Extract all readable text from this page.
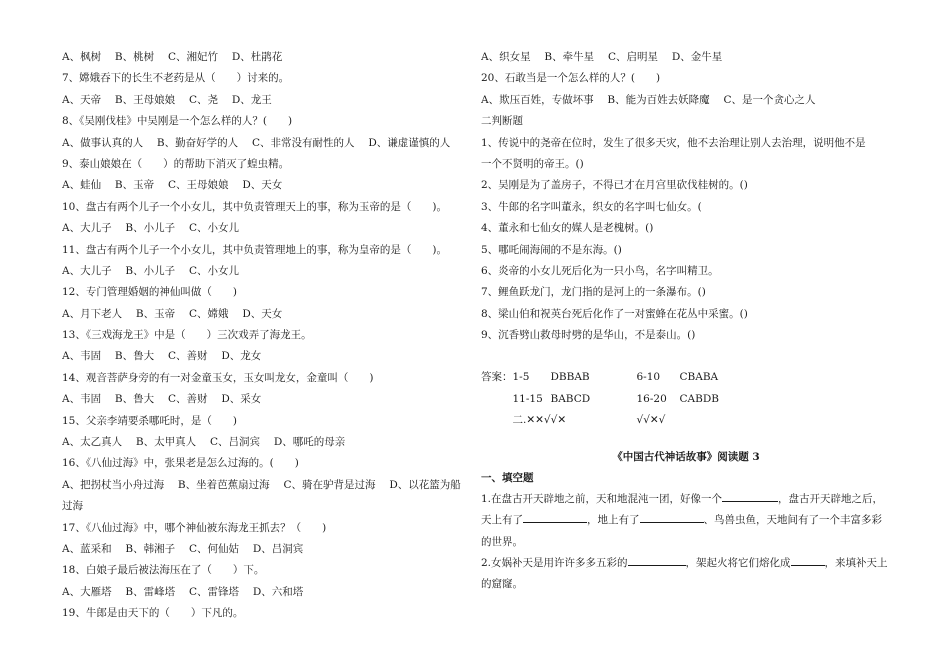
A、枫树　 B、桃树　 C、湘妃竹　 D、杜鹃花
7、嫦娥吞下的长生不老药是从（　　）讨来的。
A、天帝　 B、王母娘娘　 C、尧　 D、龙王
8、《吴刚伐桂》中吴刚是一个怎么样的人？(　　)
A、做事认真的人　 B、勤奋好学的人　 C、非常没有耐性的人　 D、谦虚谨慎的人
9、泰山娘娘在（　　）的帮助下消灭了蝗虫精。
A、蛙仙　 B、玉帝　 C、王母娘娘　 D、天女
10、盘古有两个儿子一个小女儿，其中负责管理天上的事，称为玉帝的是（　　)。
A、大儿子　 B、小儿子　 C、小女儿
11、盘古有两个儿子一个小女儿，其中负责管理地上的事，称为皇帝的是（　　)。
A、大儿子　 B、小儿子　 C、小女儿
12、专门管理婚姻的神仙叫做（　　)
A、月下老人　 B、玉帝　 C、嫦娥　 D、天女
13、《三戏海龙王》中是（　　）三次戏弄了海龙王。
A、韦固　 B、鲁大　 C、善财　 D、龙女
14、观音菩萨身旁的有一对金童玉女，玉女叫龙女，金童叫（　　)
A、韦固　 B、鲁大　 C、善财　 D、采女
15、父亲李靖要杀哪吒时，是（　　)
A、太乙真人　 B、太甲真人　 C、吕洞宾　 D、哪吒的母亲
16、《八仙过海》中，张果老是怎么过海的。(　　)
A、把拐杖当小舟过海　 B、坐着芭蕉扇过海　 C、骑在驴背是过海　 D、以花篮为船
过海
17、《八仙过海》中，哪个神仙被东海龙王抓去？（　　)
A、蓝采和　 B、韩湘子　 C、何仙姑　 D、吕洞宾
18、白娘子最后被法海压在了（　　）下。
A、大雁塔　 B、雷峰塔　 C、雷锋塔　 D、六和塔
19、牛郎是由天下的（　　）下凡的。
A、织女星　 B、牵牛星　 C、启明星　 D、金牛星
20、石敢当是一个怎么样的人？(　　)
A、欺压百姓，专做坏事　 B、能为百姓去妖降魔　 C、是一个贪心之人
二判断题
1、传说中的尧帝在位时，发生了很多天灾，他不去治理让别人去治理，说明他不是
一个不贤明的帝王。()
2、吴刚是为了盖房子，不得已才在月宫里砍伐桂树的。()
3、牛郎的名字叫董永，织女的名字叫七仙女。(
4、董永和七仙女的媒人是老槐树。()
5、哪吒闹海闹的不是东海。()
6、炎帝的小女儿死后化为一只小鸟，名字叫精卫。
7、鲤鱼跃龙门，龙门指的是河上的一条瀑布。()
8、梁山伯和祝英台死后化作了一对蜜蜂在花丛中采蜜。()
9、沉香劈山救母时劈的是华山，不是泰山。()
答案：	1-5	DBBAB	6-10	CBABA
	11-15	BABCD	16-20	CABDB
	二.✕✕√√✕		√√✕√	
《中国古代神话故事》阅读题 3
一、填空题
1.在盘古开天辟地之前，天和地混沌一团，好像一个	，盘古开天辟地之后，
天上有了	，地上有了	、鸟兽虫鱼，天地间有了一个丰富多彩
的世界。
2.女娲补天是用许许多多五彩的	，架起火将它们熔化成	，来填补天上
的窟窿。
